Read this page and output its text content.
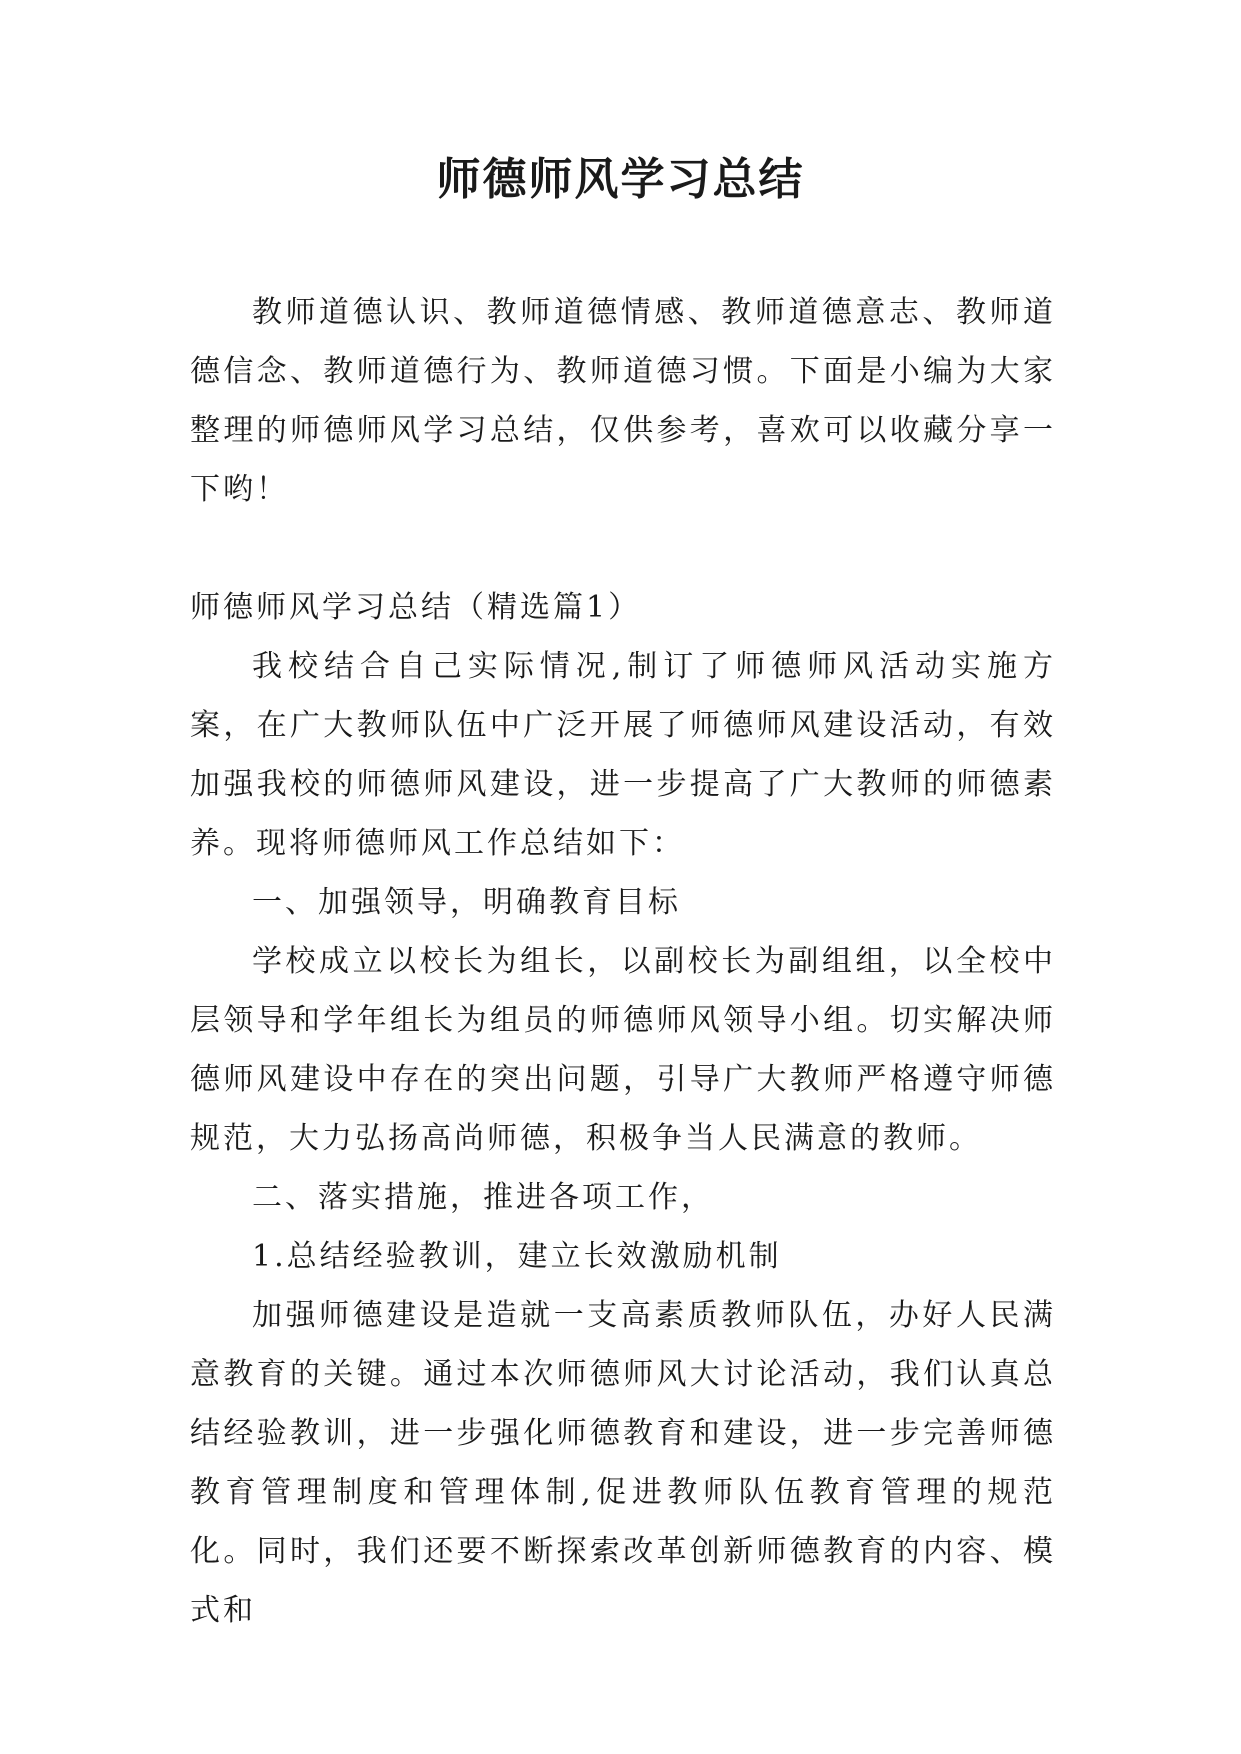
师德师风学习总结

教师道德认识、教师道德情感、教师道德意志、教师道德信念、教师道德行为、教师道德习惯。下面是小编为大家整理的师德师风学习总结，仅供参考，喜欢可以收藏分享一下哟！

师德师风学习总结（精选篇1）

我校结合自己实际情况,制订了师德师风活动实施方案，在广大教师队伍中广泛开展了师德师风建设活动，有效加强我校的师德师风建设，进一步提高了广大教师的师德素养。现将师德师风工作总结如下：

一、加强领导，明确教育目标

学校成立以校长为组长，以副校长为副组组，以全校中层领导和学年组长为组员的师德师风领导小组。切实解决师德师风建设中存在的突出问题，引导广大教师严格遵守师德规范，大力弘扬高尚师德，积极争当人民满意的教师。

二、落实措施，推进各项工作，

1.总结经验教训，建立长效激励机制

加强师德建设是造就一支高素质教师队伍，办好人民满意教育的关键。通过本次师德师风大讨论活动，我们认真总结经验教训，进一步强化师德教育和建设，进一步完善师德教育管理制度和管理体制,促进教师队伍教育管理的规范化。同时，我们还要不断探索改革创新师德教育的内容、模式和
